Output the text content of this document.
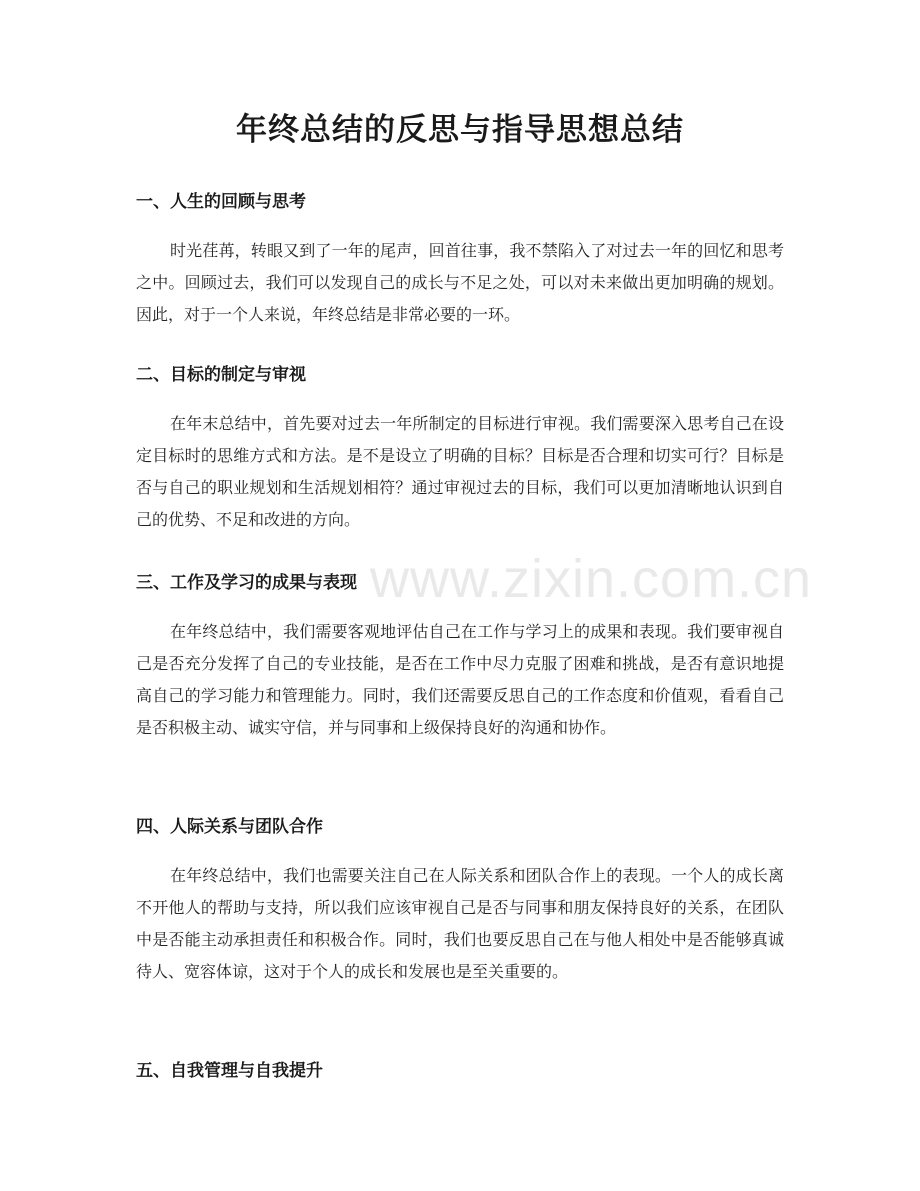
www.zixin.com.cn
年终总结的反思与指导思想总结
一、人生的回顾与思考

时光荏苒，转眼又到了一年的尾声，回首往事，我不禁陷入了对过去一年的回忆和思考之中。回顾过去，我们可以发现自己的成长与不足之处，可以对未来做出更加明确的规划。因此，对于一个人来说，年终总结是非常必要的一环。

二、目标的制定与审视

在年末总结中，首先要对过去一年所制定的目标进行审视。我们需要深入思考自己在设定目标时的思维方式和方法。是不是设立了明确的目标？目标是否合理和切实可行？目标是否与自己的职业规划和生活规划相符？通过审视过去的目标，我们可以更加清晰地认识到自己的优势、不足和改进的方向。

三、工作及学习的成果与表现

在年终总结中，我们需要客观地评估自己在工作与学习上的成果和表现。我们要审视自己是否充分发挥了自己的专业技能，是否在工作中尽力克服了困难和挑战，是否有意识地提高自己的学习能力和管理能力。同时，我们还需要反思自己的工作态度和价值观，看看自己是否积极主动、诚实守信，并与同事和上级保持良好的沟通和协作。

四、人际关系与团队合作

在年终总结中，我们也需要关注自己在人际关系和团队合作上的表现。一个人的成长离不开他人的帮助与支持，所以我们应该审视自己是否与同事和朋友保持良好的关系，在团队中是否能主动承担责任和积极合作。同时，我们也要反思自己在与他人相处中是否能够真诚待人、宽容体谅，这对于个人的成长和发展也是至关重要的。

五、自我管理与自我提升
